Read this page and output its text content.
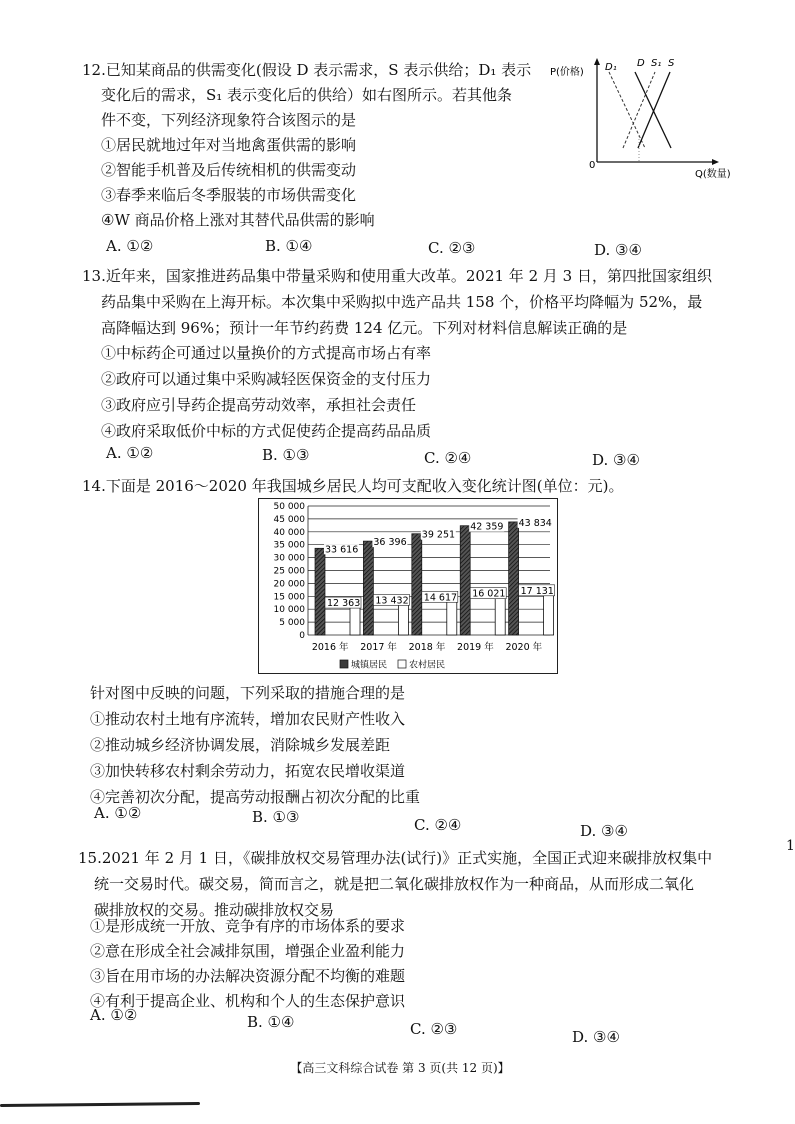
12.已知某商品的供需变化(假设 D 表示需求，S 表示供给；D₁ 表示
变化后的需求，S₁ 表示变化后的供给）如右图所示。若其他条
件不变，下列经济现象符合该图示的是
①居民就地过年对当地禽蛋供需的影响
②智能手机普及后传统相机的供需变动
③春季来临后冬季服装的市场供需变化
④W 商品价格上涨对其替代品供需的影响
A. ①②	B. ①④	C. ②③	D. ③④
P(价格)
Q(数量)
0
D₁ D S₁ S
13.近年来，国家推进药品集中带量采购和使用重大改革。2021 年 2 月 3 日，第四批国家组织
药品集中采购在上海开标。本次集中采购拟中选产品共 158 个，价格平均降幅为 52%，最
高降幅达到 96%；预计一年节约药费 124 亿元。下列对材料信息解读正确的是
①中标药企可通过以量换价的方式提高市场占有率
②政府可以通过集中采购减轻医保资金的支付压力
③政府应引导药企提高劳动效率，承担社会责任
④政府采取低价中标的方式促使药企提高药品品质
A. ①②	B. ①③	C. ②④	D. ③④
14.下面是 2016～2020 年我国城乡居民人均可支配收入变化统计图(单位：元)。
50 000
45 000
40 000
35 000
30 000
25 000
20 000
15 000
10 000
5 000
0
33 616
12 363
36 396
13 432
39 251
14 617
42 359
16 021
43 834
17 131
2016 年 2017 年 2018 年 2019 年 2020 年
城镇居民 农村居民
针对图中反映的问题，下列采取的措施合理的是
①推动农村土地有序流转，增加农民财产性收入
②推动城乡经济协调发展，消除城乡发展差距
③加快转移农村剩余劳动力，拓宽农民增收渠道
④完善初次分配，提高劳动报酬占初次分配的比重
A. ①②	B. ①③	C. ②④	D. ③④
15.2021 年 2 月 1 日，《碳排放权交易管理办法(试行)》正式实施，全国正式迎来碳排放权集中
统一交易时代。碳交易，简而言之，就是把二氧化碳排放权作为一种商品，从而形成二氧化
碳排放权的交易。推动碳排放权交易
①是形成统一开放、竞争有序的市场体系的要求
②意在形成全社会减排氛围，增强企业盈利能力
③旨在用市场的办法解决资源分配不均衡的难题
④有利于提高企业、机构和个人的生态保护意识
A. ①②	B. ①④	C. ②③	D. ③④
【高三文科综合试卷 第 3 页(共 12 页)】
1
